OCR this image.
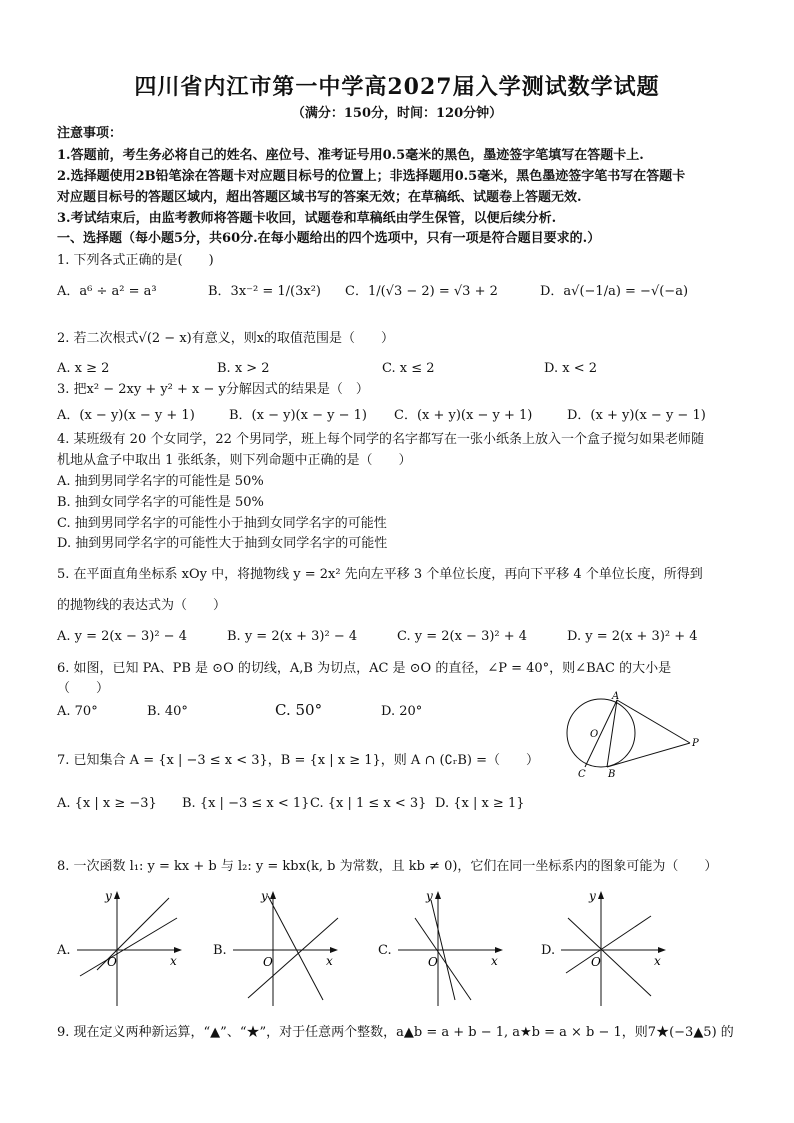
四川省内江市第一中学高2027届入学测试数学试题
（满分：150分，时间：120分钟）
注意事项：
1.答题前，考生务必将自己的姓名、座位号、准考证号用0.5毫米的黑色，墨迹签字笔填写在答题卡上.
2.选择题使用2B铅笔涂在答题卡对应题目标号的位置上；非选择题用0.5毫米，黑色墨迹签字笔书写在答题卡
对应题目标号的答题区域内，超出答题区域书写的答案无效；在草稿纸、试题卷上答题无效.
3.考试结束后，由监考教师将答题卡收回，试题卷和草稿纸由学生保管，以便后续分析.
一、选择题（每小题5分，共60分.在每小题给出的四个选项中，只有一项是符合题目要求的.）
1. 下列各式正确的是(　　)
A．a⁶ ÷ a² = a³	B．3x⁻² = 1/(3x²) C．1/(√3 − 2) = √3 + 2	D．a√(−1/a) = −√(−a)
2. 若二次根式√(2 − x)有意义，则x的取值范围是（　　）
A. x ≥ 2	B. x > 2	C. x ≤ 2	D. x < 2
3. 把x² − 2xy + y² + x − y分解因式的结果是（　）
A．(x − y)(x − y + 1)	B．(x − y)(x − y − 1) C．(x + y)(x − y + 1)	D．(x + y)(x − y − 1)
4. 某班级有 20 个女同学，22 个男同学，班上每个同学的名字都写在一张小纸条上放入一个盒子搅匀如果老师随
机地从盒子中取出 1 张纸条，则下列命题中正确的是（　　）
A. 抽到男同学名字的可能性是 50%
B. 抽到女同学名字的可能性是 50%
C. 抽到男同学名字的可能性小于抽到女同学名字的可能性
D. 抽到男同学名字的可能性大于抽到女同学名字的可能性
5. 在平面直角坐标系 xOy 中，将抛物线 y = 2x² 先向左平移 3 个单位长度，再向下平移 4 个单位长度，所得到
的抛物线的表达式为（　　）
A. y = 2(x − 3)² − 4	B. y = 2(x + 3)² − 4	C. y = 2(x − 3)² + 4	D. y = 2(x + 3)² + 4
6. 如图，已知 PA、PB 是 ⊙O 的切线，A,B 为切点，AC 是 ⊙O 的直径，∠P = 40°，则∠BAC 的大小是
（　　）
A. 70°	B. 40°	C. 50°	D. 20°
A
O
P
C B
7. 已知集合 A = {x | −3 ≤ x < 3}，B = {x | x ≥ 1}，则 A ∩ (∁ᵣB) =（　　）
A. {x | x ≥ −3} B. {x | −3 ≤ x < 1} C. {x | 1 ≤ x < 3} D. {x | x ≥ 1}
8. 一次函数 l₁: y = kx + b 与 l₂: y = kbx(k, b 为常数，且 kb ≠ 0)，它们在同一坐标系内的图象可能为（　　）
A.
y
x
O
B.
y
x
O
C.
y
x
O
D.
y
x
O
9. 现在定义两种新运算，“▲”、“★”，对于任意两个整数，a▲b = a + b − 1, a★b = a × b − 1，则7★(−3▲5) 的
